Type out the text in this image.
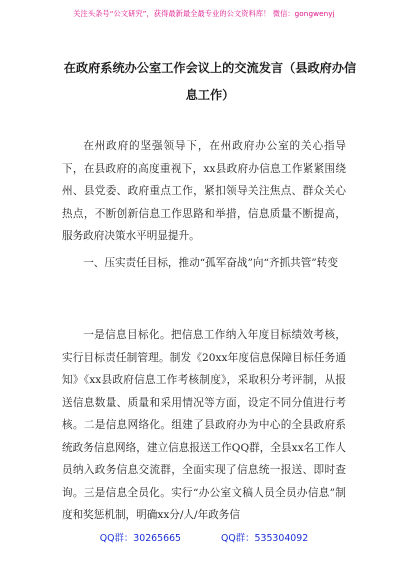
关注头条号“公文研究”，获得最新最全最专业的公文资料库！ 微信：gongwenyj
在政府系统办公室工作会议上的交流发言（县政府办信息工作）

在州政府的坚强领导下，在州政府办公室的关心指导下，在县政府的高度重视下，xx县政府办信息工作紧紧围绕州、县党委、政府重点工作，紧扣领导关注焦点、群众关心热点，不断创新信息工作思路和举措，信息质量不断提高，服务政府决策水平明显提升。

一、压实责任目标，推动“孤军奋战”向“齐抓共管”转变

一是信息目标化。把信息工作纳入年度目标绩效考核，实行目标责任制管理。制发《20xx年度信息保障目标任务通知》《xx县政府信息工作考核制度》，采取积分考评制，从报送信息数量、质量和采用情况等方面，设定不同分值进行考核。二是信息网络化。组建了县政府办为中心的全县政府系统政务信息网络，建立信息报送工作QQ群，全县xx名工作人员纳入政务信息交流群，全面实现了信息统一报送、即时查询。三是信息全员化。实行“办公室文稿人员全员办信息”制度和奖惩机制，明确xx分/人/年政务信

QQ群：30265665	QQ群：535304092
